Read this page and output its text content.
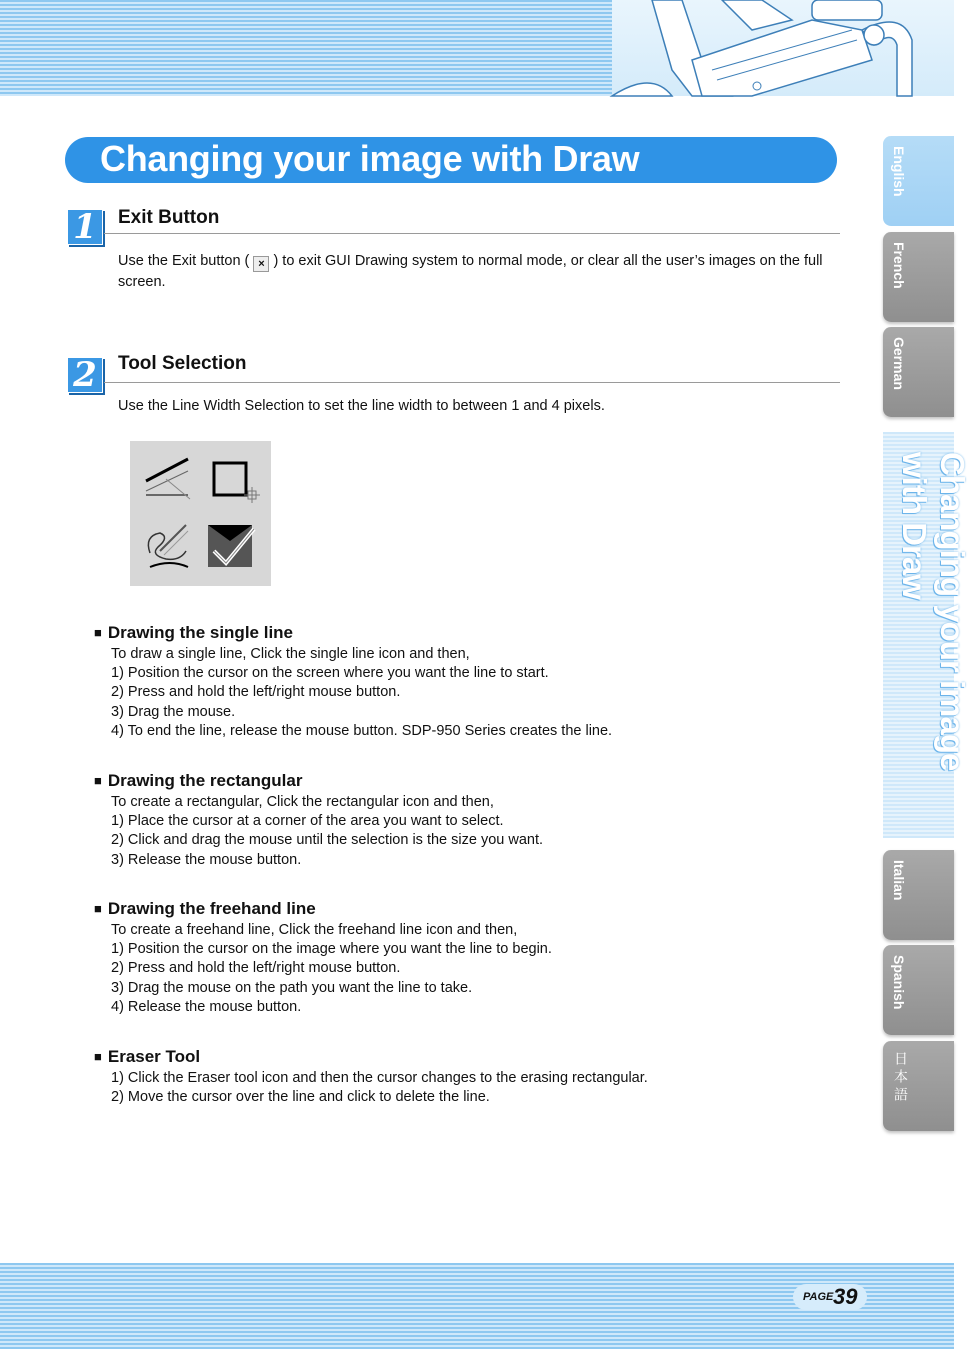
Changing your image with Draw
1 Exit Button
Use the Exit button ( × ) to exit GUI Drawing system to normal mode, or clear all the user’s images on the full screen.
2 Tool Selection
Use the Line Width Selection to set the line width to between 1 and 4 pixels.
■ Drawing the single line
To draw a single line, Click the single line icon and then,
1) Position the cursor on the screen where you want the line to start.
2) Press and hold the left/right mouse button.
3) Drag the mouse.
4) To end the line, release the mouse button. SDP-950 Series creates the line.
■ Drawing the rectangular
To create a rectangular, Click the rectangular icon and then,
1) Place the cursor at a corner of the area you want to select.
2) Click and drag the mouse until the selection is the size you want.
3) Release the mouse button.
■ Drawing the freehand line
To create a freehand line, Click the freehand line icon and then,
1) Position the cursor on the image where you want the line to begin.
2) Press and hold the left/right mouse button.
3) Drag the mouse on the path you want the line to take.
4) Release the mouse button.
■ Eraser Tool
1) Click the Eraser tool icon and then the cursor changes to the erasing rectangular.
2) Move the cursor over the line and click to delete the line.
English
French
German
Changing your image with Draw
Italian
Spanish
日本語
PAGE 39
